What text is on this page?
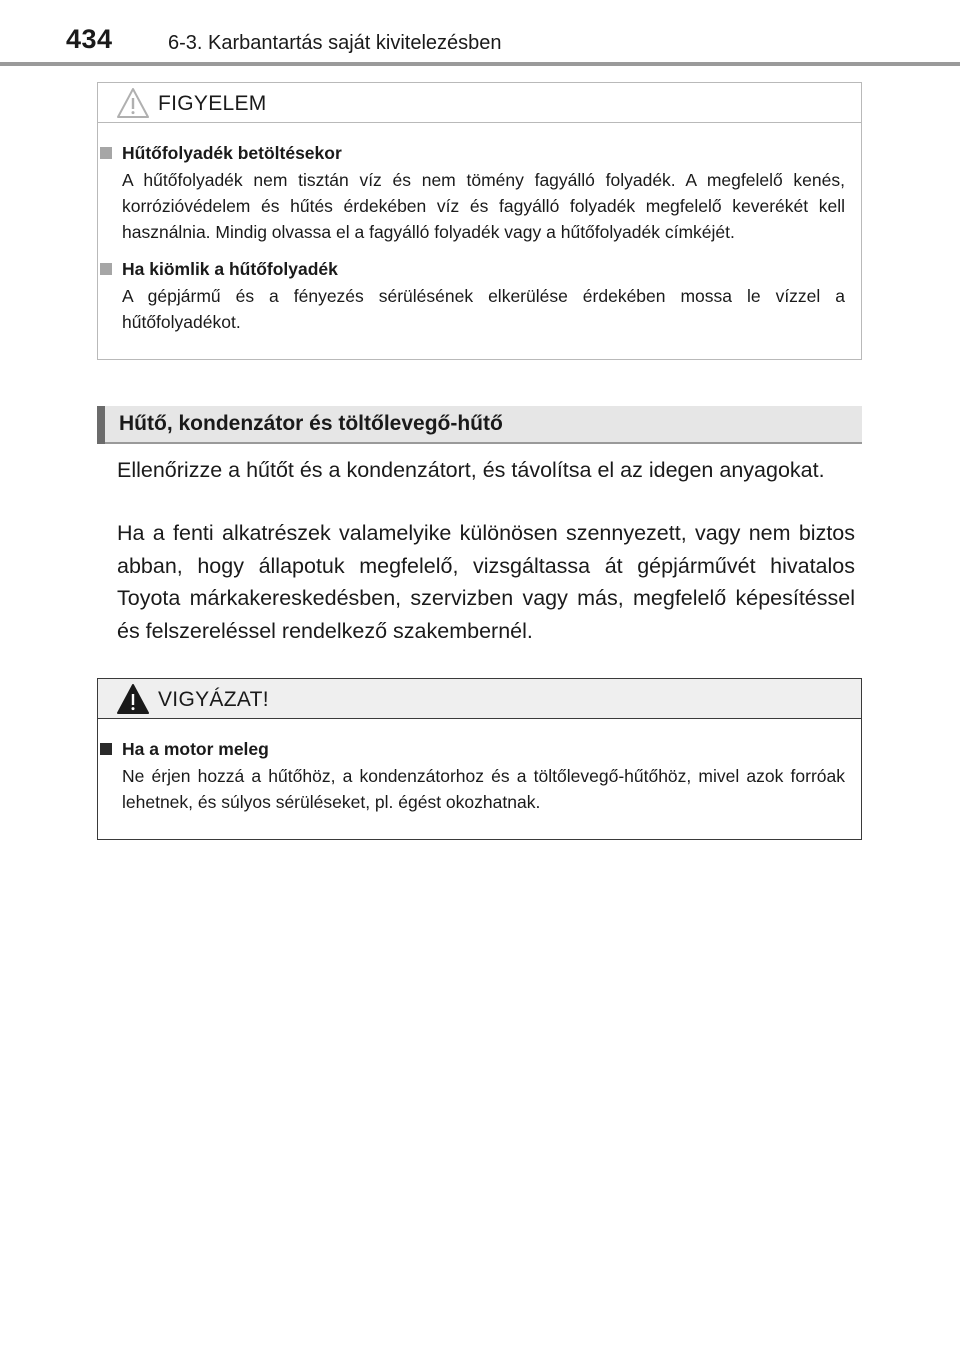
434	6-3. Karbantartás saját kivitelezésben
FIGYELEM
Hűtőfolyadék betöltésekor
A hűtőfolyadék nem tisztán víz és nem tömény fagyálló folyadék. A megfelelő kenés, korrózióvédelem és hűtés érdekében víz és fagyálló folyadék megfelelő keverékét kell használnia. Mindig olvassa el a fagyálló folyadék vagy a hűtőfolyadék címkéjét.
Ha kiömlik a hűtőfolyadék
A gépjármű és a fényezés sérülésének elkerülése érdekében mossa le vízzel a hűtőfolyadékot.
Hűtő, kondenzátor és töltőlevegő-hűtő

Ellenőrizze a hűtőt és a kondenzátort, és távolítsa el az idegen anyagokat.

Ha a fenti alkatrészek valamelyike különösen szennyezett, vagy nem biztos abban, hogy állapotuk megfelelő, vizsgáltassa át gépjárművét hivatalos Toyota márkakereskedésben, szervizben vagy más, megfelelő képesítéssel és felszereléssel rendelkező szakembernél.

VIGYÁZAT!
Ha a motor meleg
Ne érjen hozzá a hűtőhöz, a kondenzátorhoz és a töltőlevegő-hűtőhöz, mivel azok forróak lehetnek, és súlyos sérüléseket, pl. égést okozhatnak.
